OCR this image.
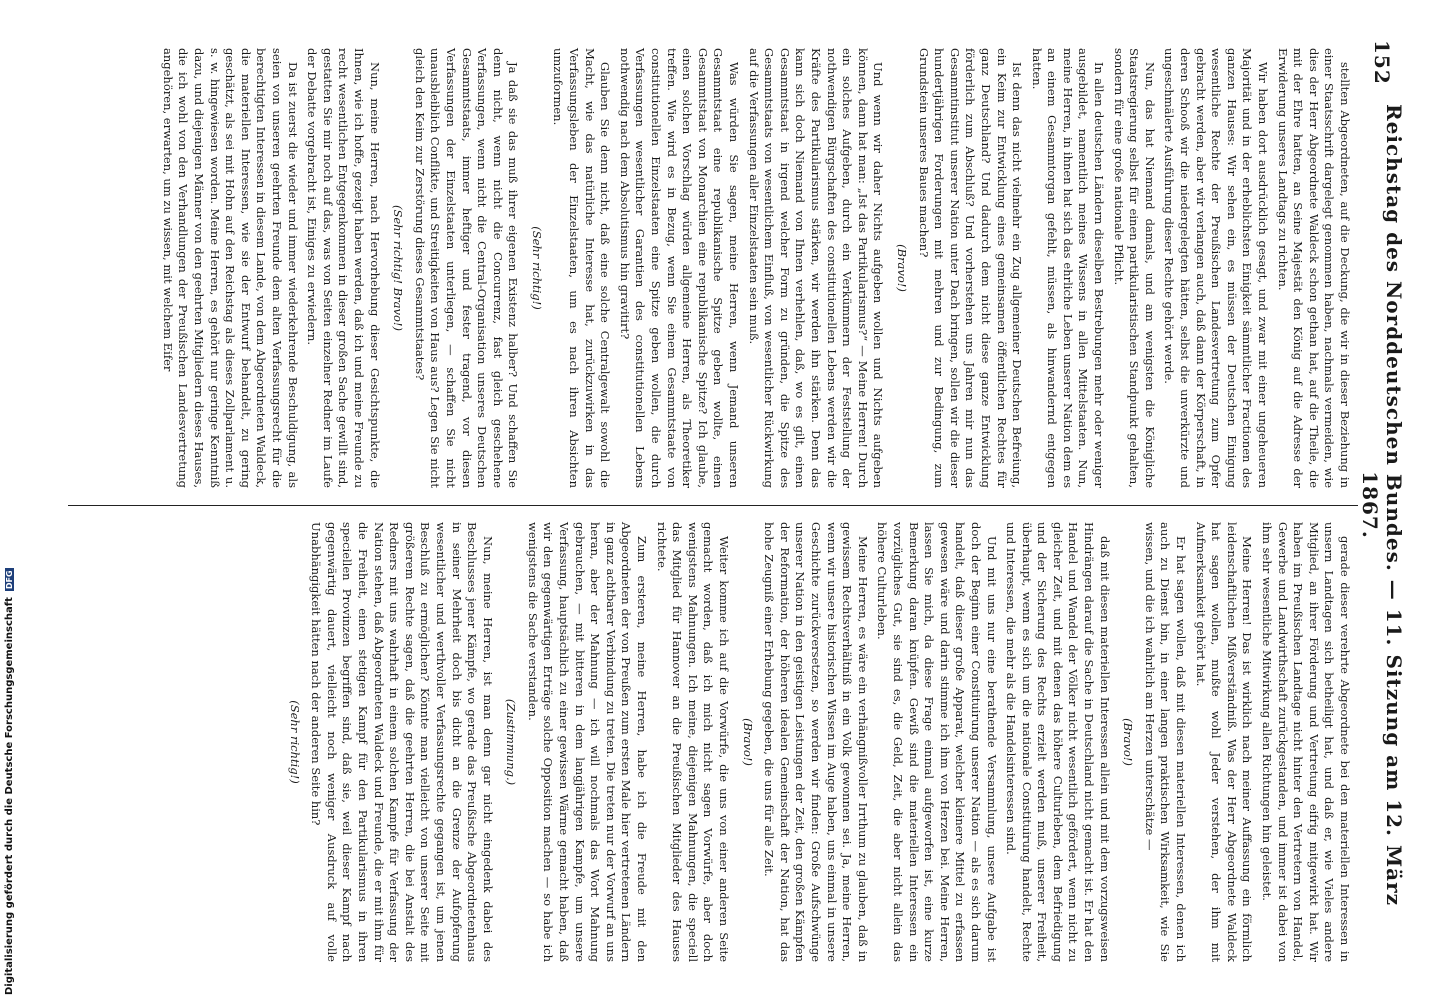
152
Reichstag des Norddeutschen Bundes. — 11. Sitzung am 12. März 1867.

stellten Abgeordneten, auf die Deckung, die wir in dieser Beziehung in einer Staatsschrift dargelegt genommen haben, nachmals vermeiden, wie dies der Herr Abgeordnete Waldeck schon gethan hat, auf die Theile, die mit der Ehre hatten, an Seine Majestät den König auf die Adresse der Erwiderung unseres Landtags zu richten.

Wir haben dort ausdrücklich gesagt, und zwar mit einer ungeheueren Majorität und in der erheblichsten Einigkeit sämmtlicher Fractionen des ganzen Hauses: Wir sehen ein, es müssen der Deutschen Einigung wesentliche Rechte der Preußischen Landesvertretung zum Opfer gebracht werden, aber wir verlangen auch, daß dann der Körperschaft, in deren Schooß wir die niedergelegten hätten, selbst die unverkürzte und ungeschmälerte Ausführung dieser Rechte gehört werde.

Nun, das hat Niemand damals, und am wenigsten die Königliche Staatsregierung selbst für einen partikularistischen Standpunkt gehalten, sondern für eine große nationale Pflicht.

In allen deutschen Ländern dieselben Bestrebungen mehr oder weniger ausgebildet, namentlich meines Wissens in allen Mittelstaaten. Nun, meine Herren, in ihnen hat sich das ehrliche Leben unserer Nation dem es an einem Gesammtorgan gefehlt, müssen, als hinwandernd entgegen hatten.

Ist denn das nicht vielmehr ein Zug allgemeiner Deutschen Befreiung, ein Keim zur Entwicklung eines gemeinsamen öffentlichen Rechtes für ganz Deutschland? Und dadurch dem nicht diese ganze Entwicklung förderlich zum Abschluß? Und vorherstehen uns Jahren mir nun das Gesammtinstitut unserer Nation unter Dach bringen, sollen wir die dieser hundertjährigen Forderungen mit mehren und zur Bedingung, zum Grundstein unseres Baues machen?

(Bravo!)

Und wenn wir daher Nichts aufgeben wollen und Nichts aufgeben können, dann hat man: „Ist das Partikularismus?“ — Meine Herren! Durch ein solches Aufgeben, durch ein Verkümmern der Feststellung der nothwendigen Bürgschaften des constitutionellen Lebens werden wir die Kräfte des Partikularismus stärken, wir werden ihn stärken. Denn das kann sich doch Niemand von Ihnen verhehlen, daß, wo es gilt, einen Gesammtstaat in irgend welcher Form zu gründen, die Spitze des Gesammtstaats von wesentlichem Einfluß, von wesentlicher Rückwirkung auf die Verfassungen aller Einzelstaaten sein muß.

Was würden Sie sagen, meine Herren, wenn Jemand unseren Gesammtstaat eine republikanische Spitze geben wollte, einen Gesammtstaat von Monarchien eine republikanische Spitze? Ich glaube, einen solchen Vorschlag würden allgemeine Herren, als Theoretiker treffen. Wie wird es in Bezug, wenn Sie einem Gesammtstaate von constitutionellen Einzelstaaten eine Spitze geben wollen, die durch Verfassungen wesentlicher Garantien des constitutionellen Lebens nothwendig nach dem Absolutismus hin gravitirt?

Glauben Sie denn nicht, daß eine solche Centralgewalt sowohl die Macht, wie das natürliche Interesse hat, zurückzuwirken in das Verfassungsleben der Einzelstaaten, um es nach ihren Absichten umzuformen.

(Sehr richtig!)

Ja daß sie das muß ihrer eigenen Existenz halber? Und schaffen Sie denn nicht, wenn nicht die Concurrenz, fast gleich geschehene Verfassungen, wenn nicht die Central-Organisation unseres Deutschen Gesammtstaats, immer heftiger und fester tragend, vor diesen Verfassungen der Einzelstaaten unterliegen, — schaffen Sie nicht unausbleiblich Conflikte, und Streitigkeiten von Haus aus? Legen Sie nicht gleich den Keim zur Zerstörung dieses Gesammtstaates?

(Sehr richtig! Bravo!)

Nun, meine Herren, nach Hervorhebung dieser Gesichtspunkte, die Ihnen, wie ich hoffe, gezeigt haben werden, daß ich und meine Freunde zu recht wesentlichen Entgegenkommen in dieser großen Sache gewillt sind, gestatten Sie mir noch auf das, was von Seiten einzelner Redner im Laufe der Debatte vorgebracht ist, Einiges zu erwiedern.

Da ist zuerst die wieder und immer wiederkehrende Beschuldigung, als seien von unseren geehrten Freunde dem alten Verfassungsrecht für die berechtigten Interessen in diesem Lande, von dem Abgeordneten Waldeck, die materiellen Interessen, wie sie der Entwurf behandelt, zu gering geschätzt, als sei mit Hohn auf den Reichstag als dieses Zollparlament u. s. w. hingewiesen worden. Meine Herren, es gehört nur geringe Kenntniß dazu, und diejenigen Männer von den geehrten Mitgliedern dieses Hauses, die ich wohl von den Verhandlungen der Preußischen Landesvertretung angehören, erwarten, um zu wissen, mit welchem Eifer

gerade dieser verehrte Abgeordnete bei den materiellen Interessen in unsern Landtagen sich betheiligt hat, und daß er, wie Vieles andere Mitglied, an ihrer Förderung und Vertretung eifrig mitgewirkt hat. Wir haben im Preußischen Landtage nicht hinter den Vertretern von Handel, Gewerbe und Landwirthschaft zurückgestanden, und immer ist dabei von ihm sehr wesentliche Mitwirkung allen Richtungen hin geleistet.

Meine Herren! Das ist wirklich nach meiner Auffassung ein förmlich leidenschaftlichen Mißverständniß. Was der Herr Abgeordnete Waldeck hat sagen wollen, mußte wohl Jeder verstehen, der ihm mit Aufmerksamkeit gehört hat.

Er hat sagen wollen, daß mit diesen materiellen Interessen, denen ich auch zu Dienst bin, in einer langen praktischen Wirksamkeit, wie Sie wissen, und die ich wahrlich am Herzen unterschätze —

(Bravo!)

daß mit diesen materiellen Interessen allein und mit dem vorzugsweisen Hindrängen darauf die Sache in Deutschland nicht gemacht ist. Er hat den Handel und Wandel der Völker nicht wesentlich gefördert, wenn nicht zu gleicher Zeit, und mit denen das höhere Culturleben, dem Befriedigung und der Sicherung des Rechts erzielt werden muß, unserer Freiheit, überhaupt, wenn es sich um die nationale Constituirung handelt, Rechte und Interessen, die mehr als die Handelsinteressen sind.

Und mit uns nur eine berathende Versammlung, unsere Aufgabe ist doch der Beginn einer Constituirung unserer Nation — als es sich darum handelt, daß dieser große Apparat, welcher kleinere Mittel zu erfassen gewesen wäre und darin stimme ich ihm von Herzen bei. Meine Herren, lassen Sie mich, da diese Frage einmal aufgeworfen ist, eine kurze Bemerkung daran knüpfen. Gewiß sind die materiellen Interessen ein vorzügliches Gut, sie sind es, die Geld, Zeit, die aber nicht allein das höhere Culturleben.

Meine Herren, es wäre ein verhängnißvoller Irrthum zu glauben, daß in gewissem Rechtsverhältniß in ein Volk gewonnen sei. Ja, meine Herren, wenn wir unsere historischen Wissen im Auge haben, uns einmal in unsere Geschichte zurückversetzen, so werden wir finden: Große Aufschwünge unserer Nation in den geistigen Leistungen der Zeit, den großen Kämpfen der Reformation, der höheren idealen Gemeinschaft der Nation, hat das hohe Zeugniß einer Erhebung gegeben, die uns für alle Zeit.

(Bravo!)

Weiter komme ich auf die Vorwürfe, die uns von einer anderen Seite gemacht worden, daß ich mich nicht sagen Vorwürfe, aber doch wenigstens Mahnungen. Ich meine, diejenigen Mahnungen, die speciell das Mitglied für Hannover an die Preußischen Mitglieder des Hauses richtete.

Zum ersteren, meine Herren, habe ich die Freude mit den Abgeordneten der von Preußen zum ersten Male hier vertretenen Ländern in ganz achtbarer Verbindung zu treten. Die treten nur der Vorwurf an uns heran, aber der Mahnung — ich will nochmals das Wort Mahnung gebrauchen, — mit bitteren in dem langjährigen Kampfe, um unsere Verfassung, hauptsächlich zu einer gewissen Wärme gemacht haben, daß wir den gegenwärtigen Erträge solche Opposition machen — so habe ich wenigstens die Sache verstanden.

(Zustimmung.)

Nun, meine Herren, ist man denn gar nicht eingedenk dabei des Beschlusses jener Kämpfe, wo gerade das Preußische Abgeordnetenhaus in seiner Mehrheit doch bis dicht an die Grenze der Aufopferung wesentlicher und werthvoller Verfassungsrechte gegangen ist, um jenen Beschluß zu ermöglichen? Könnte man vielleicht von unserer Seite mit größerem Rechte sagen, daß die geehrten Herren, die bei Anstalt des Redners mit uns wahrhaft in einem solchen Kampfe für Verfassung der Nation stehen, daß Abgeordneten Waldeck und Freunde, die er mit ihm für die Freiheit, einen stetigen Kampf für den Partikularismus in ihren speciellen Provinzen begriffen sind, daß sie, weil dieser Kampf nach gegenwärtig dauert, vielleicht noch weniger Ausdruck auf volle Unabhängigkeit hätten nach der anderen Seite hin?

(Sehr richtig!)

Digitalisierung gefördert durch die Deutsche ForschungsgemeinschaftDFG
